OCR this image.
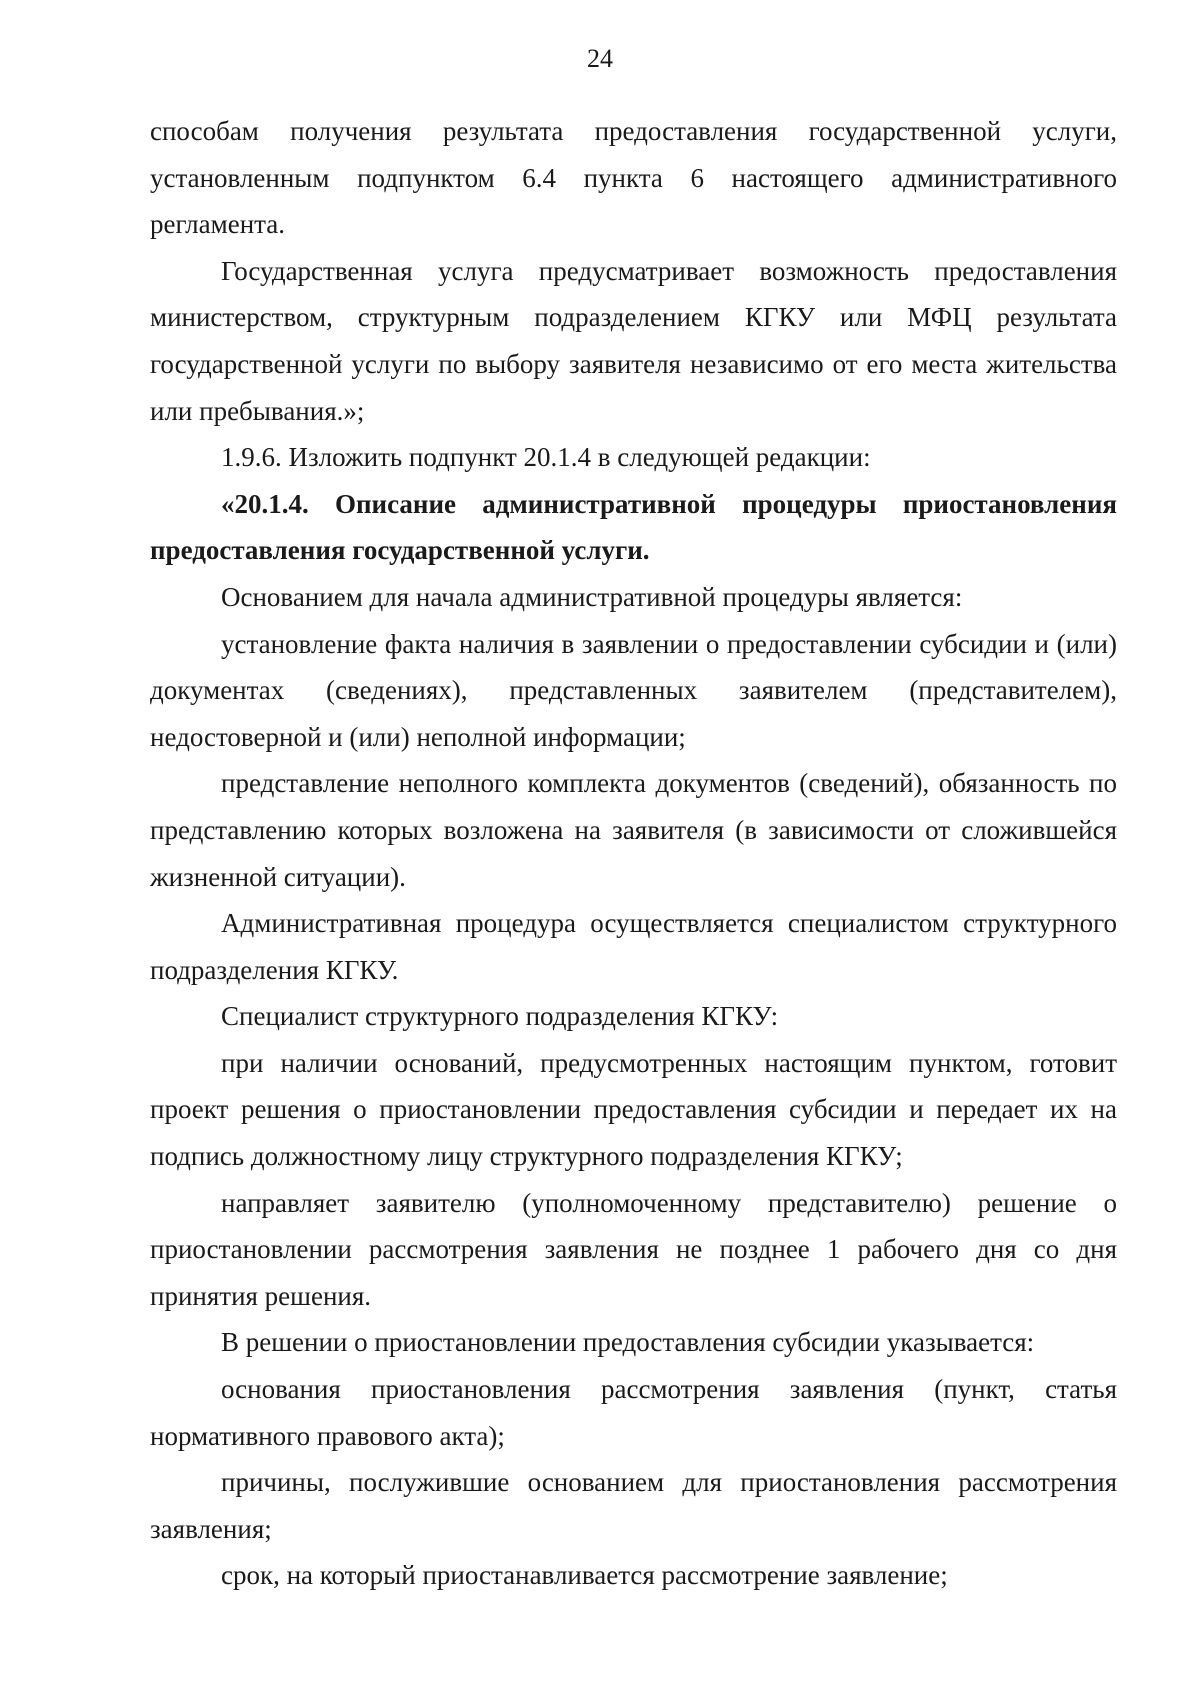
24

способам получения результата предоставления государственной услуги, установленным подпунктом 6.4 пункта 6 настоящего административного регламента.

Государственная услуга предусматривает возможность предоставления министерством, структурным подразделением КГКУ или МФЦ результата государственной услуги по выбору заявителя независимо от его места жительства или пребывания.»;

1.9.6. Изложить подпункт 20.1.4 в следующей редакции:

«20.1.4. Описание административной процедуры приостановления предоставления государственной услуги.

Основанием для начала административной процедуры является:

установление факта наличия в заявлении о предоставлении субсидии и (или) документах (сведениях), представленных заявителем (представителем), недостоверной и (или) неполной информации;

представление неполного комплекта документов (сведений), обязанность по представлению которых возложена на заявителя (в зависимости от сложившейся жизненной ситуации).

Административная процедура осуществляется специалистом структурного подразделения КГКУ.

Специалист структурного подразделения КГКУ:

при наличии оснований, предусмотренных настоящим пунктом, готовит проект решения о приостановлении предоставления субсидии и передает их на подпись должностному лицу структурного подразделения КГКУ;

направляет заявителю (уполномоченному представителю) решение о приостановлении рассмотрения заявления не позднее 1 рабочего дня со дня принятия решения.

В решении о приостановлении предоставления субсидии указывается:

основания приостановления рассмотрения заявления (пункт, статья нормативного правового акта);

причины, послужившие основанием для приостановления рассмотрения заявления;

срок, на который приостанавливается рассмотрение заявление;
